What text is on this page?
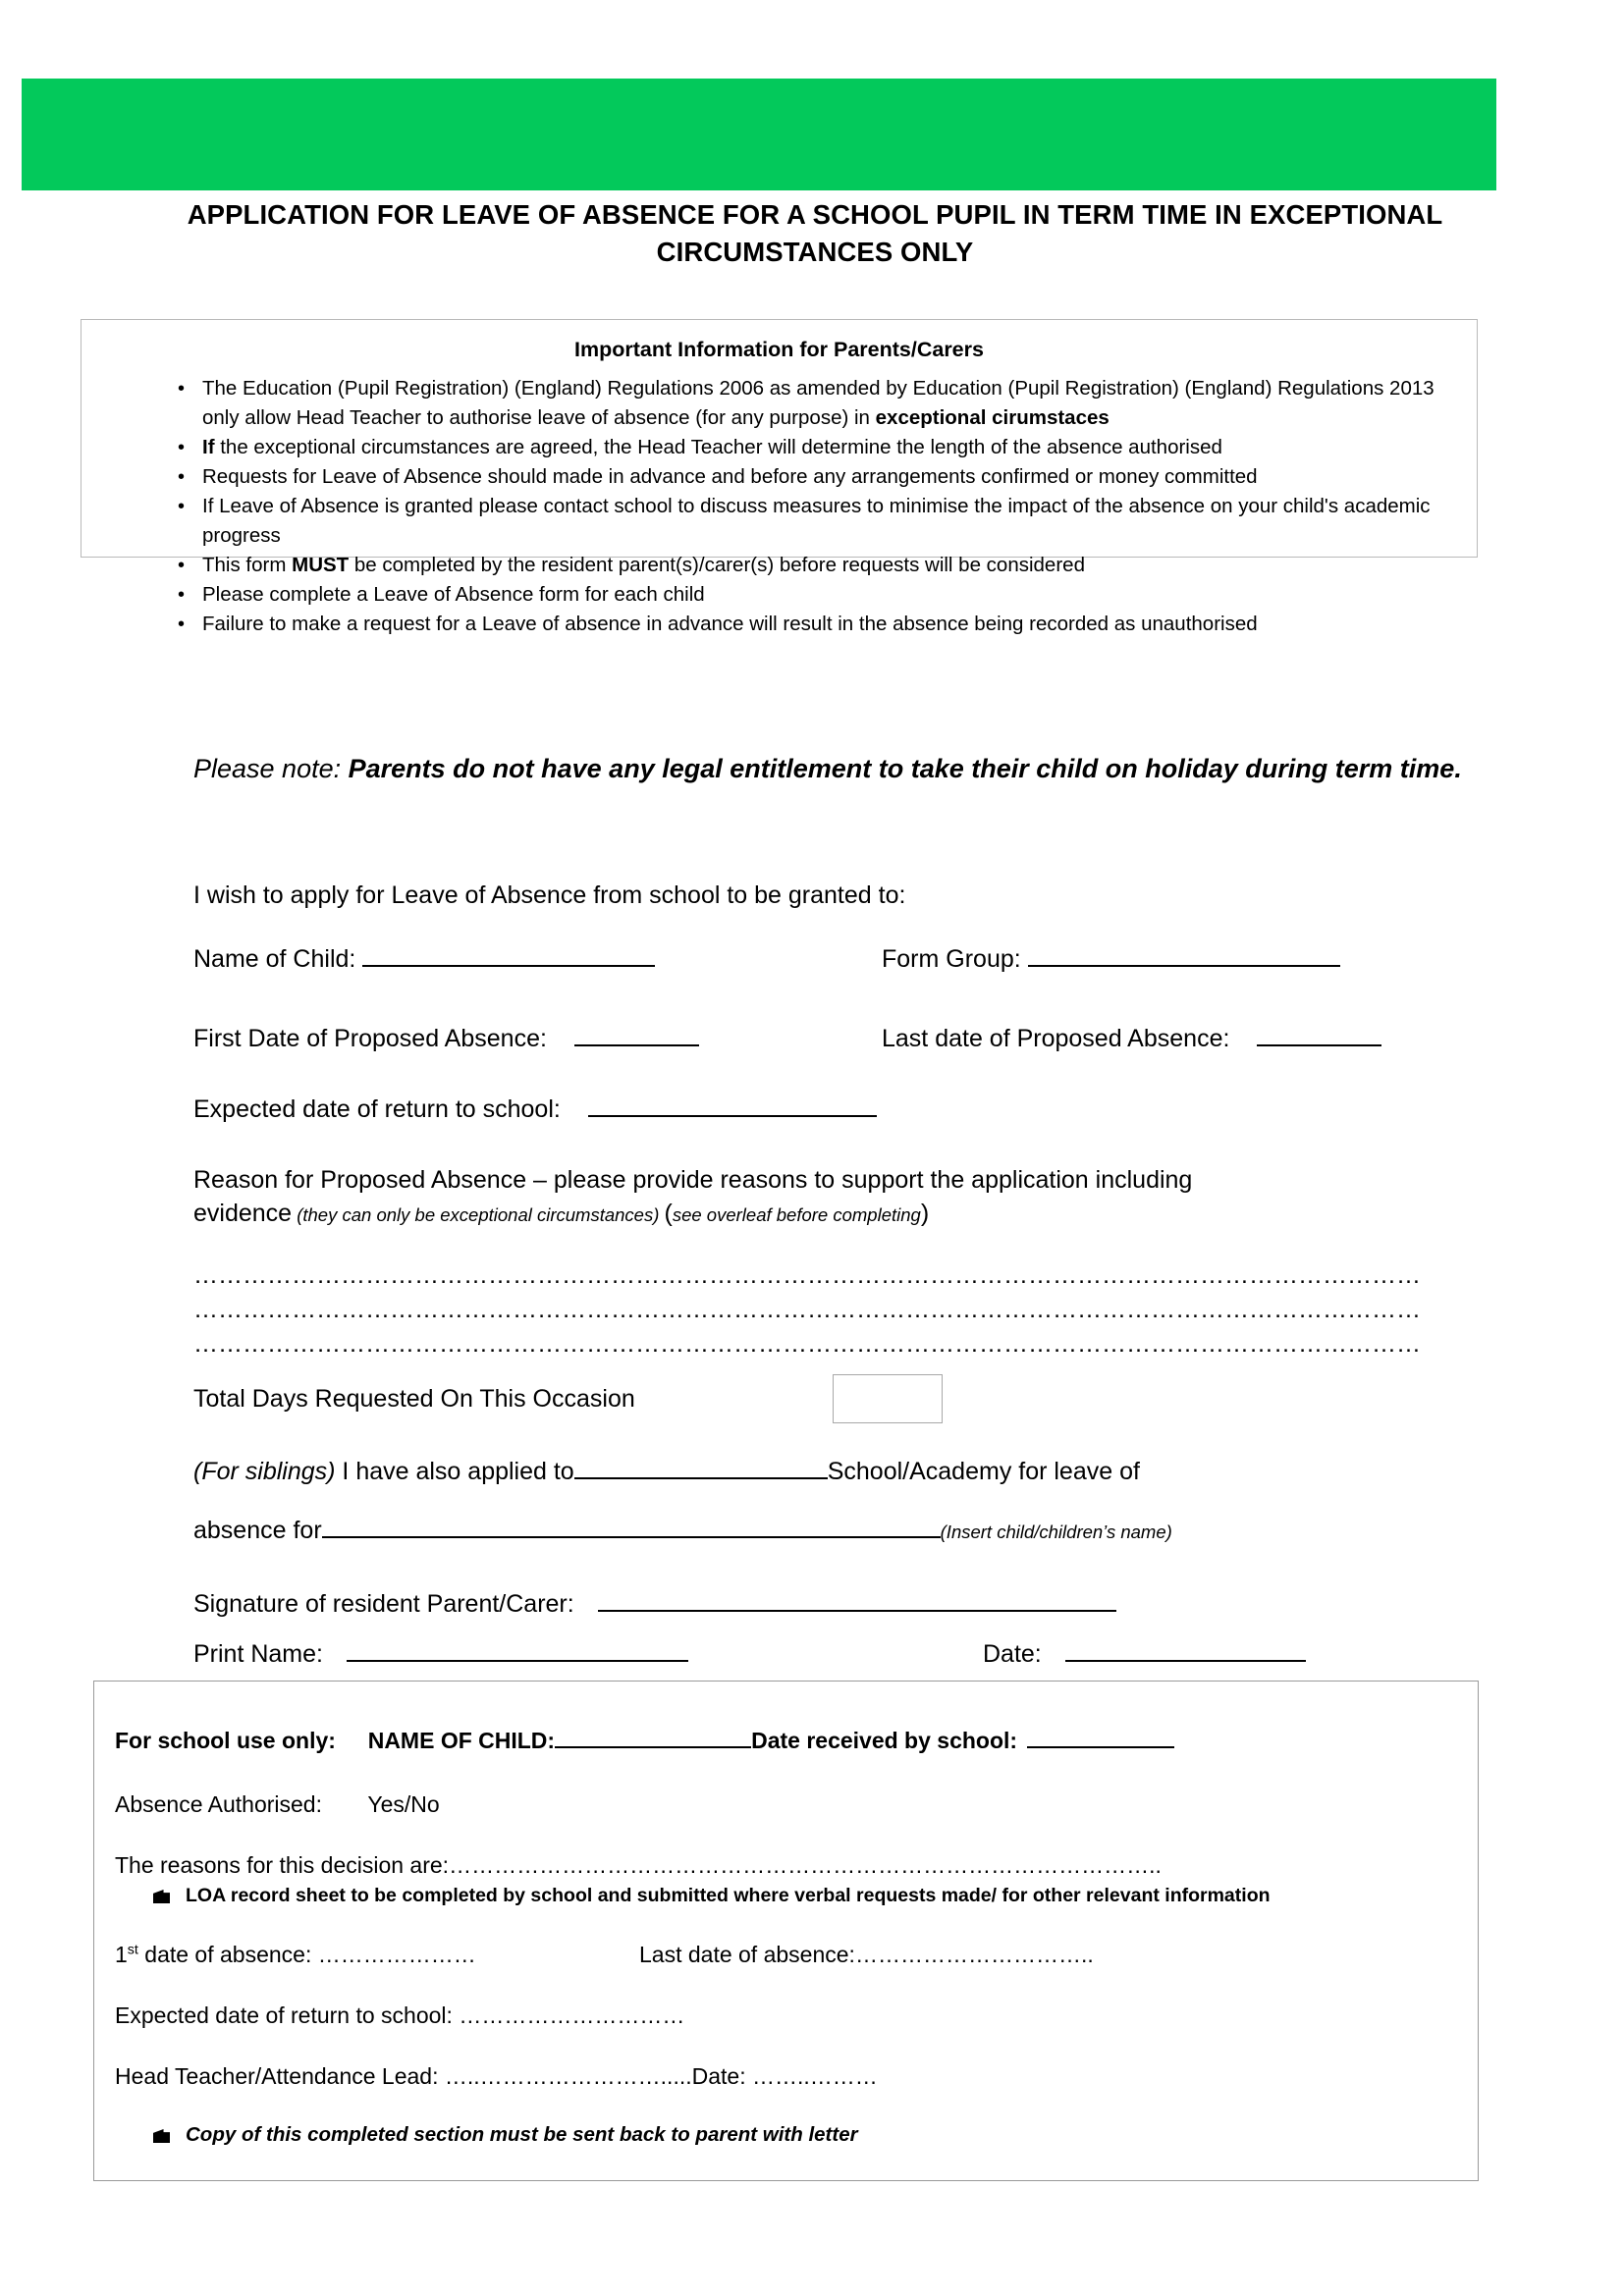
APPLICATION FOR LEAVE OF ABSENCE FOR A SCHOOL PUPIL IN TERM TIME IN EXCEPTIONAL CIRCUMSTANCES ONLY
Important Information for Parents/Carers
• The Education (Pupil Registration) (England) Regulations 2006 as amended by Education (Pupil Registration) (England) Regulations 2013 only allow Head Teacher to authorise leave of absence (for any purpose) in exceptional cirumstaces
• If the exceptional circumstances are agreed, the Head Teacher will determine the length of the absence authorised
• Requests for Leave of Absence should made in advance and before any arrangements confirmed or money committed
• If Leave of Absence is granted please contact school to discuss measures to minimise the impact of the absence on your child's academic progress
• This form MUST be completed by the resident parent(s)/carer(s) before requests will be considered
• Please complete a Leave of Absence form for each child
• Failure to make a request for a Leave of absence in advance will result in the absence being recorded as unauthorised
Please note: Parents do not have any legal entitlement to take their child on holiday during term time.
I wish to apply for Leave of Absence from school to be granted to:
Name of Child:	Form Group:
First Date of Proposed Absence:	Last date of Proposed Absence:
Expected date of return to school:
Reason for Proposed Absence – please provide reasons to support the application including
evidence (they can only be exceptional circumstances) (see overleaf before completing)
……………………………………………………………………………………………………………………………………
……………………………………………………………………………………………………………………………………
……………………………………………………………………………………………………………………………………
Total Days Requested On This Occasion
(For siblings) I have also applied to	School/Academy for leave of
absence for	(Insert child/children’s name)
Signature of resident Parent/Carer:
Print Name:	Date:
For school use only: NAME OF CHILD:	Date received by school:
Absence Authorised: Yes/No
The reasons for this decision are:…………………………………………………………………………………..
LOA record sheet to be completed by school and submitted where verbal requests made/ for other relevant information
1st date of absence: …………………	Last date of absence:…………………………..
Expected date of return to school: …………………………
Head Teacher/Attendance Lead: …..…………………….....Date: ……..………
Copy of this completed section must be sent back to parent with letter
